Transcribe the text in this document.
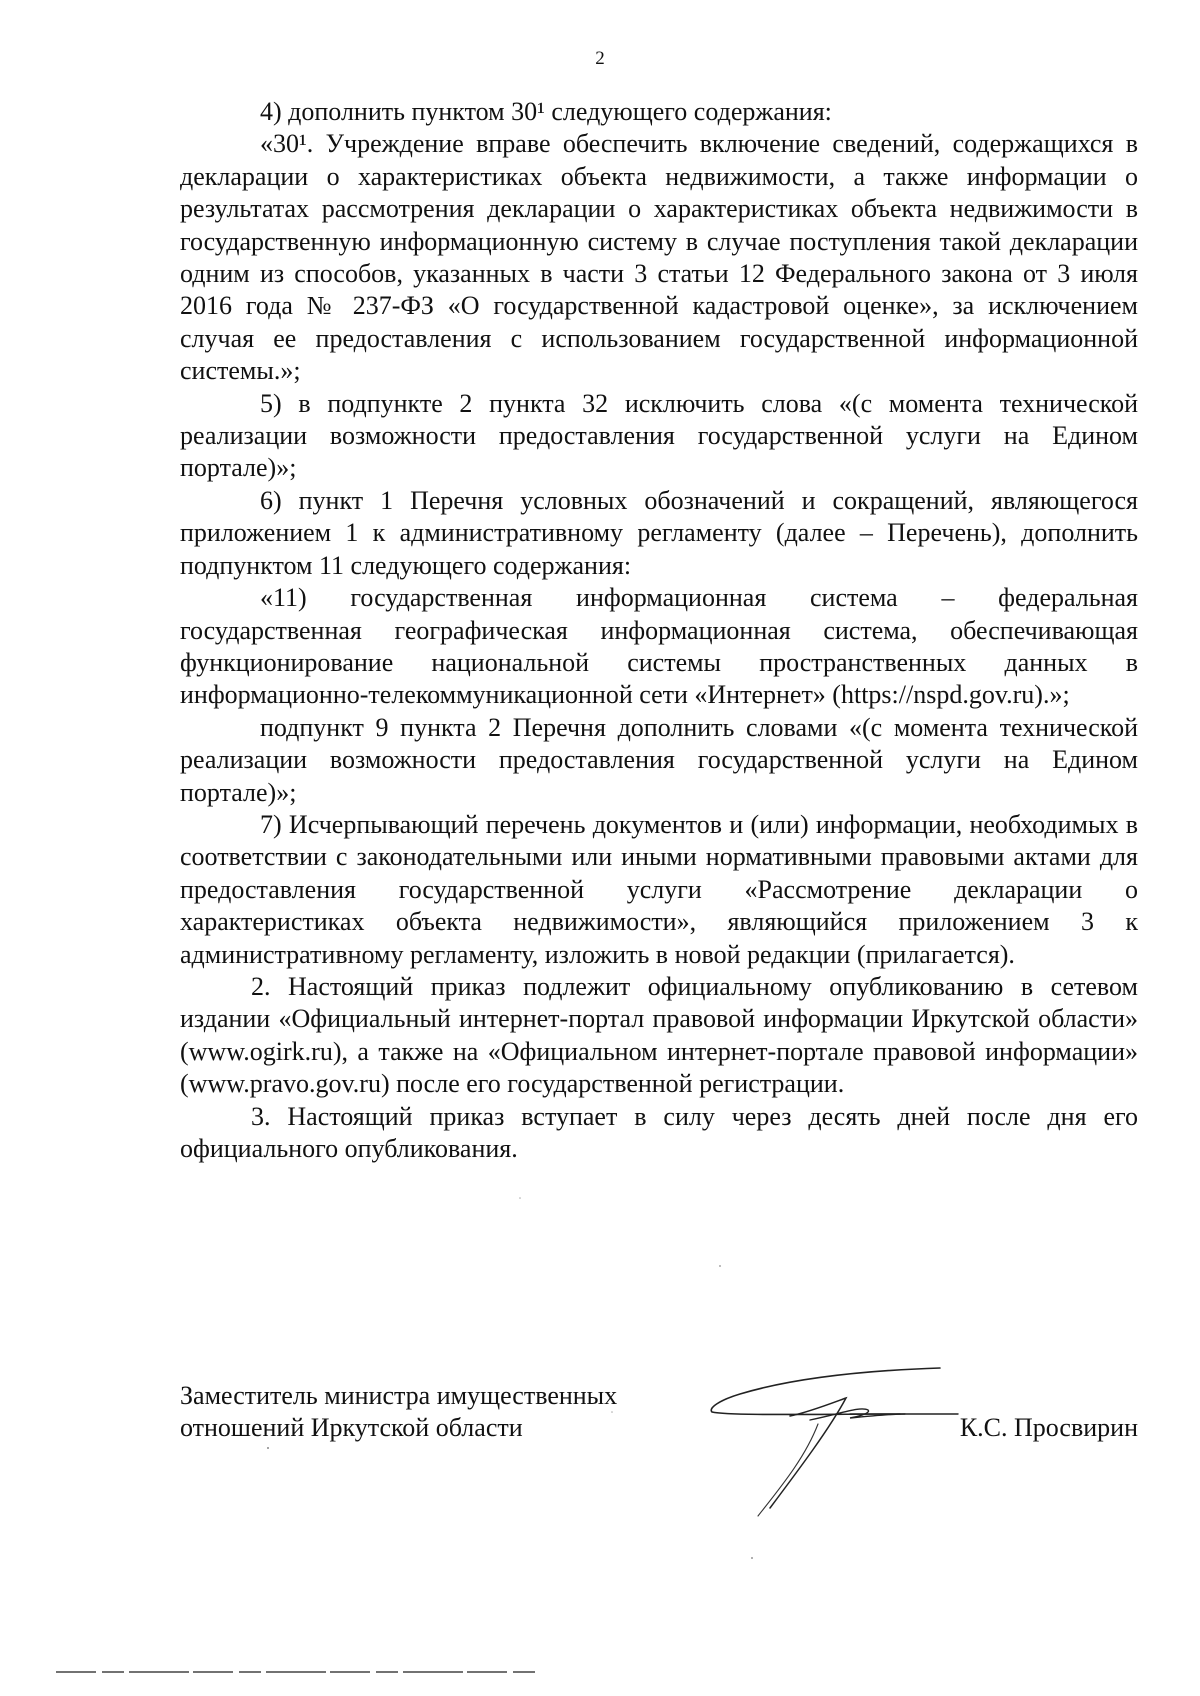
2

4) дополнить пунктом 30¹ следующего содержания:

«30¹. Учреждение вправе обеспечить включение сведений, содержащихся в декларации о характеристиках объекта недвижимости, а также информации о результатах рассмотрения декларации о характеристиках объекта недвижимости в государственную информационную систему в случае поступления такой декларации одним из способов, указанных в части 3 статьи 12 Федерального закона от 3 июля 2016 года № 237-ФЗ «О государственной кадастровой оценке», за исключением случая ее предоставления с использованием государственной информационной системы.»;

5) в подпункте 2 пункта 32 исключить слова «(с момента технической реализации возможности предоставления государственной услуги на Едином портале)»;

6) пункт 1 Перечня условных обозначений и сокращений, являющегося приложением 1 к административному регламенту (далее – Перечень), дополнить подпунктом 11 следующего содержания:

«11) государственная информационная система – федеральная государственная географическая информационная система, обеспечивающая функционирование национальной системы пространственных данных в информационно-телекоммуникационной сети «Интернет» (https://nspd.gov.ru).»;

подпункт 9 пункта 2 Перечня дополнить словами «(с момента технической реализации возможности предоставления государственной услуги на Едином портале)»;

7) Исчерпывающий перечень документов и (или) информации, необходимых в соответствии с законодательными или иными нормативными правовыми актами для предоставления государственной услуги «Рассмотрение декларации о характеристиках объекта недвижимости», являющийся приложением 3 к административному регламенту, изложить в новой редакции (прилагается).

2. Настоящий приказ подлежит официальному опубликованию в сетевом издании «Официальный интернет-портал правовой информации Иркутской области» (www.ogirk.ru), а также на «Официальном интернет-портале правовой информации» (www.pravo.gov.ru) после его государственной регистрации.

3. Настоящий приказ вступает в силу через десять дней после дня его официального опубликования.

Заместитель министра имущественных
отношений Иркутской области	К.С. Просвирин
